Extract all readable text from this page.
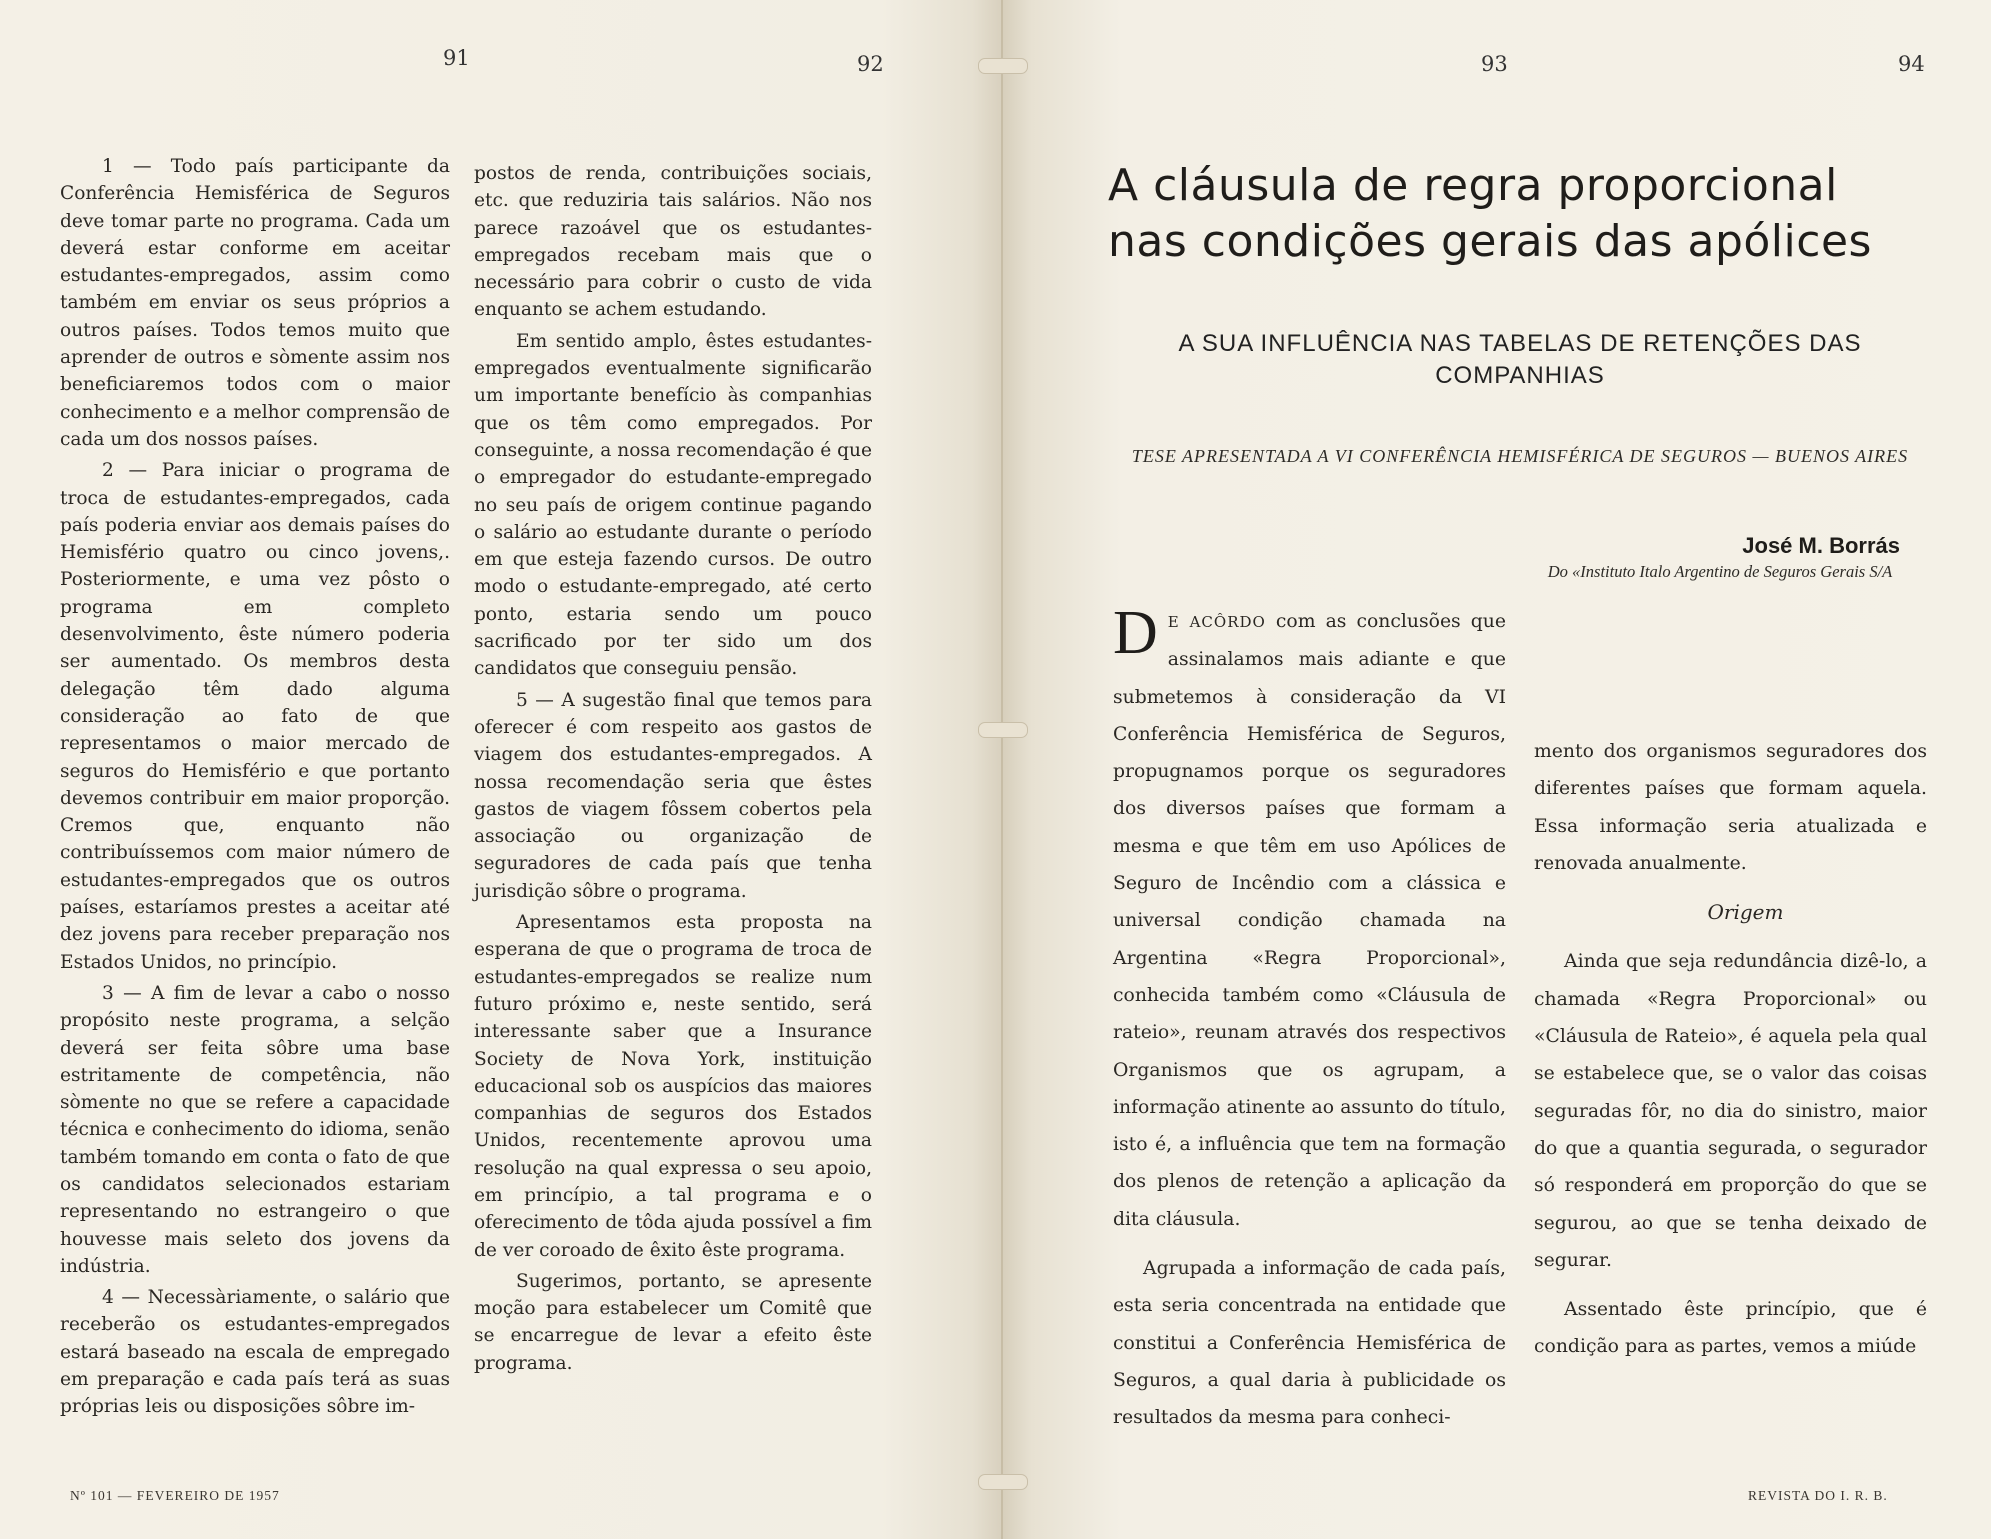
91	92	93	94

1 — Todo país participante da Conferência Hemisférica de Seguros deve tomar parte no programa. Cada um deverá estar conforme em aceitar estudantes-empregados, assim como também em enviar os seus próprios a outros países. Todos temos muito que aprender de outros e sòmente assim nos beneficiaremos todos com o maior conhecimento e a melhor comprensão de cada um dos nossos países.

2 — Para iniciar o programa de troca de estudantes-empregados, cada país poderia enviar aos demais países do Hemisfério quatro ou cinco jovens,. Posteriormente, e uma vez pôsto o programa em completo desenvolvimento, êste número poderia ser aumentado. Os membros desta delegação têm dado alguma consideração ao fato de que representamos o maior mercado de seguros do Hemisfério e que portanto devemos contribuir em maior proporção. Cremos que, enquanto não contribuíssemos com maior número de estudantes-empregados que os outros países, estaríamos prestes a aceitar até dez jovens para receber preparação nos Estados Unidos, no princípio.

3 — A fim de levar a cabo o nosso propósito neste programa, a selção deverá ser feita sôbre uma base estritamente de competência, não sòmente no que se refere a capacidade técnica e conhecimento do idioma, senão também tomando em conta o fato de que os candidatos selecionados estariam representando no estrangeiro o que houvesse mais seleto dos jovens da indústria.

4 — Necessàriamente, o salário que receberão os estudantes-empregados estará baseado na escala de empregado em preparação e cada país terá as suas próprias leis ou disposições sôbre im-

postos de renda, contribuições sociais, etc. que reduziria tais salários. Não nos parece razoável que os estudantes-empregados recebam mais que o necessário para cobrir o custo de vida enquanto se achem estudando.

Em sentido amplo, êstes estudantes-empregados eventualmente significarão um importante benefício às companhias que os têm como empregados. Por conseguinte, a nossa recomendação é que o empregador do estudante-empregado no seu país de origem continue pagando o salário ao estudante durante o período em que esteja fazendo cursos. De outro modo o estudante-empregado, até certo ponto, estaria sendo um pouco sacrificado por ter sido um dos candidatos que conseguiu pensão.

5 — A sugestão final que temos para oferecer é com respeito aos gastos de viagem dos estudantes-empregados. A nossa recomendação seria que êstes gastos de viagem fôssem cobertos pela associação ou organização de seguradores de cada país que tenha jurisdição sôbre o programa.

Apresentamos esta proposta na esperana de que o programa de troca de estudantes-empregados se realize num futuro próximo e, neste sentido, será interessante saber que a Insurance Society de Nova York, instituição educacional sob os auspícios das maiores companhias de seguros dos Estados Unidos, recentemente aprovou uma resolução na qual expressa o seu apoio, em princípio, a tal programa e o oferecimento de tôda ajuda possível a fim de ver coroado de êxito êste programa.

Sugerimos, portanto, se apresente moção para estabelecer um Comitê que se encarregue de levar a efeito êste programa.

A cláusula de regra proporcional nas condições gerais das apólices
A SUA INFLUÊNCIA NAS TABELAS DE RETENÇÕES DAS COMPANHIAS
TESE APRESENTADA A VI CONFERÊNCIA HEMISFÉRICA DE SEGUROS — BUENOS AIRES
José M. Borrás
Do «Instituto Italo Argentino de Seguros Gerais S/A

D E ACÔRDO com as conclusões que assinalamos mais adiante e que submetemos à consideração da VI Conferência Hemisférica de Seguros, propugnamos porque os seguradores dos diversos países que formam a mesma e que têm em uso Apólices de Seguro de Incêndio com a clássica e universal condição chamada na Argentina «Regra Proporcional», conhecida também como «Cláusula de rateio», reunam através dos respectivos Organismos que os agrupam, a informação atinente ao assunto do título, isto é, a influência que tem na formação dos plenos de retenção a aplicação da dita cláusula.

Agrupada a informação de cada país, esta seria concentrada na entidade que constitui a Conferência Hemisférica de Seguros, a qual daria à publicidade os resultados da mesma para conheci-

mento dos organismos seguradores dos diferentes países que formam aquela. Essa informação seria atualizada e renovada anualmente.

Origem

Ainda que seja redundância dizê-lo, a chamada «Regra Proporcional» ou «Cláusula de Rateio», é aquela pela qual se estabelece que, se o valor das coisas seguradas fôr, no dia do sinistro, maior do que a quantia segurada, o segurador só responderá em proporção do que se segurou, ao que se tenha deixado de segurar.

Assentado êste princípio, que é condição para as partes, vemos a miúde

Nº 101 — FEVEREIRO DE 1957	REVISTA DO I. R. B.
